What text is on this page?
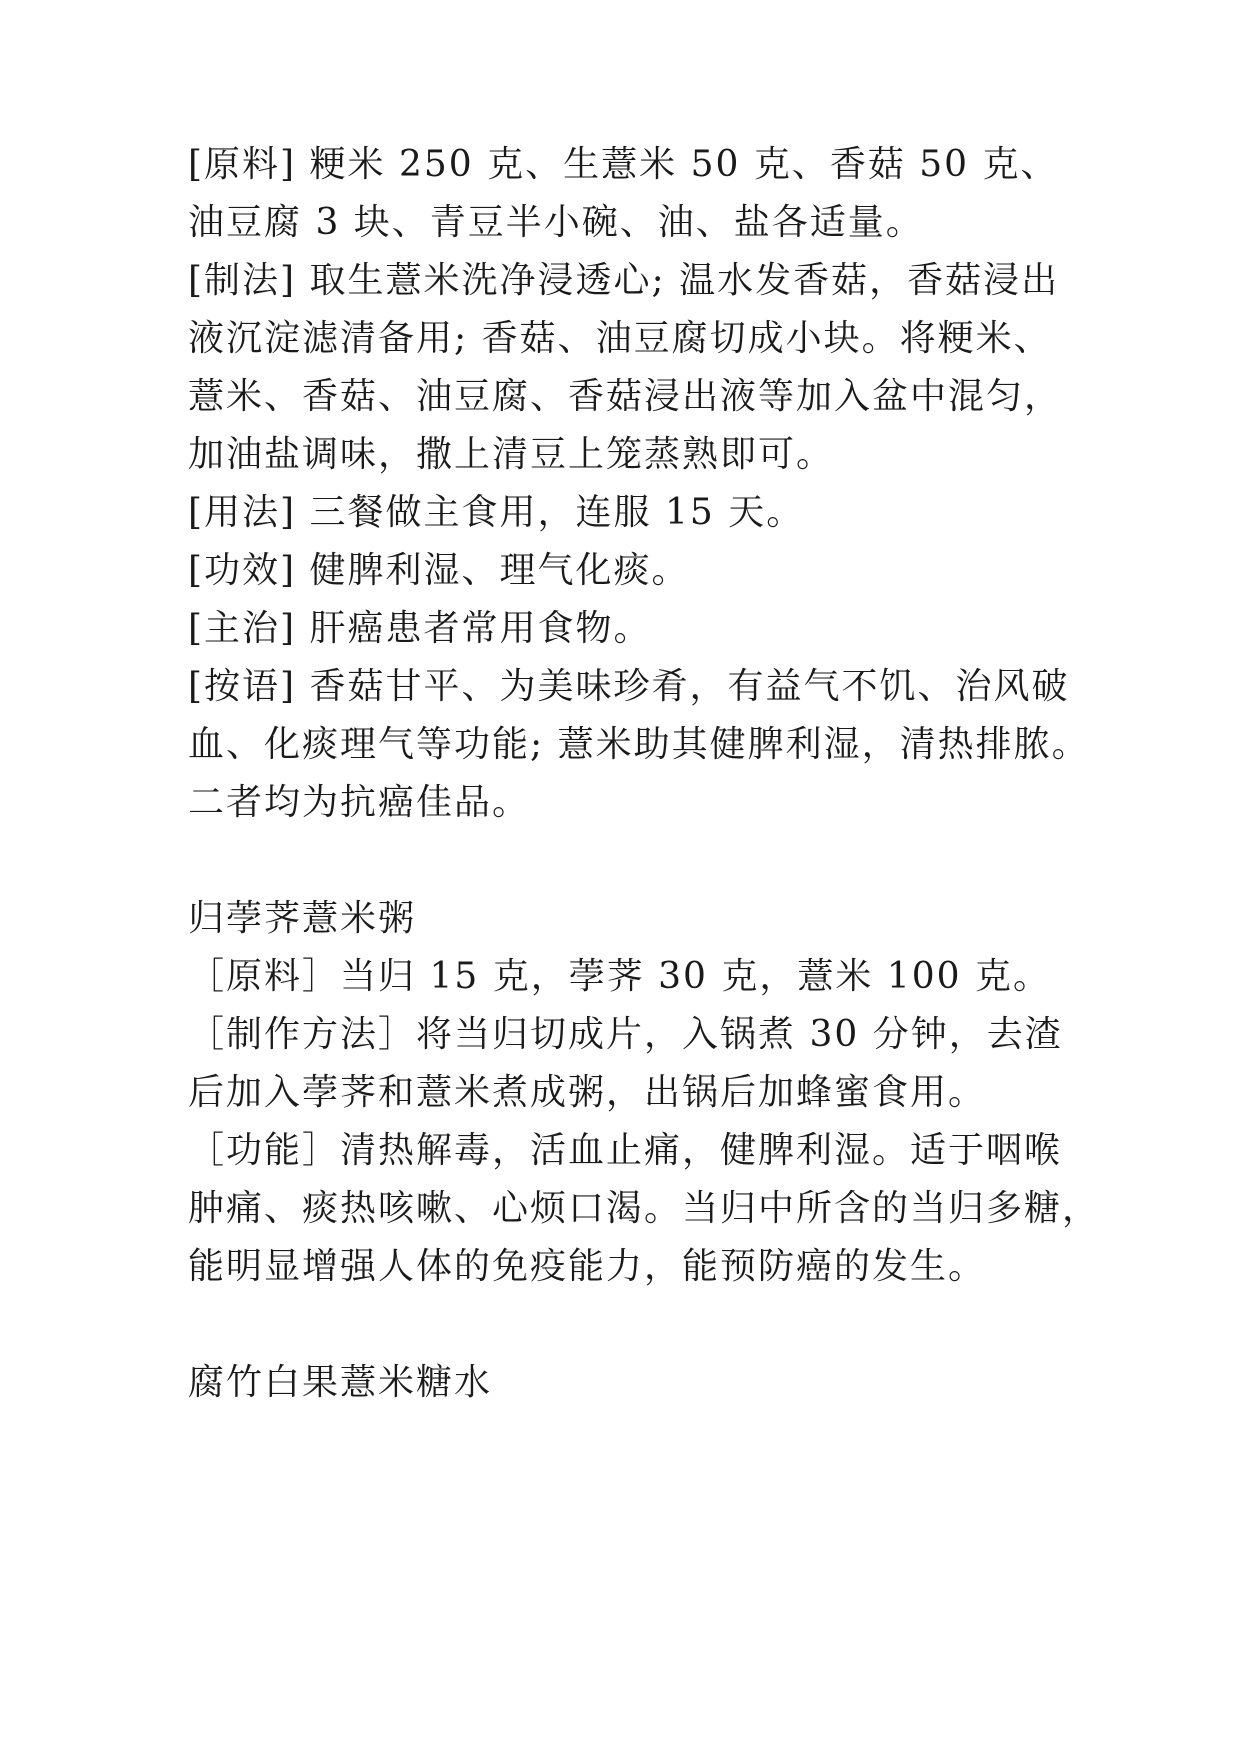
[原料] 粳米 250 克、生薏米 50 克、香菇 50 克、

油豆腐 3 块、青豆半小碗、油、盐各适量。

[制法] 取生薏米洗净浸透心; 温水发香菇，香菇浸出

液沉淀滤清备用; 香菇、油豆腐切成小块。将粳米、

薏米、香菇、油豆腐、香菇浸出液等加入盆中混匀，

加油盐调味，撒上清豆上笼蒸熟即可。

[用法] 三餐做主食用，连服 15 天。

[功效] 健脾利湿、理气化痰。

[主治] 肝癌患者常用食物。

[按语] 香菇甘平、为美味珍肴，有益气不饥、治风破

血、化痰理气等功能; 薏米助其健脾利湿，清热排脓。

二者均为抗癌佳品。

归荸荠薏米粥

［原料］当归 15 克，荸荠 30 克，薏米 100 克。

［制作方法］将当归切成片，入锅煮 30 分钟，去渣

后加入荸荠和薏米煮成粥，出锅后加蜂蜜食用。

［功能］清热解毒，活血止痛，健脾利湿。适于咽喉

肿痛、痰热咳嗽、心烦口渴。当归中所含的当归多糖，

能明显增强人体的免疫能力，能预防癌的发生。

腐竹白果薏米糖水
